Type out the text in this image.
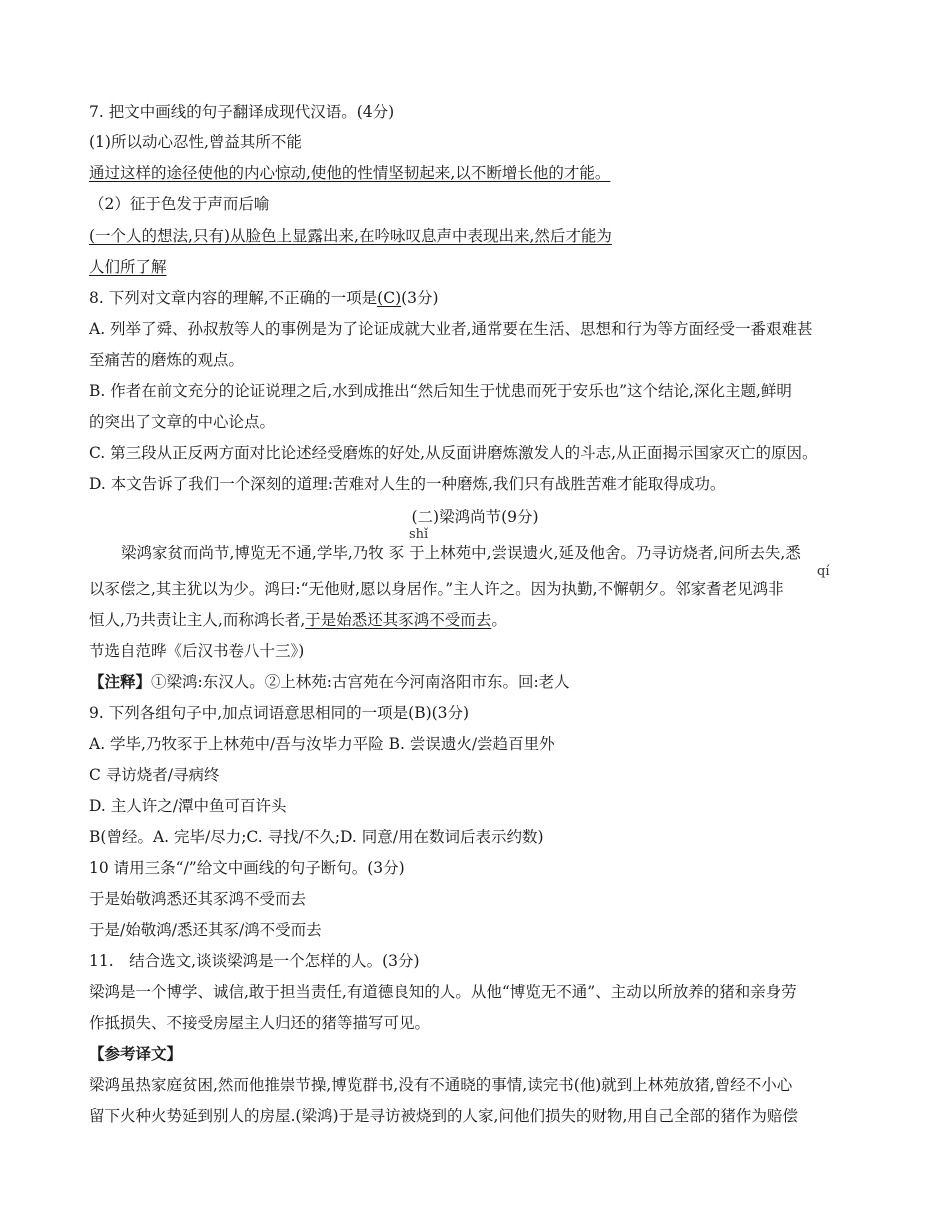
7. 把文中画线的句子翻译成现代汉语。(4分)
(1)所以动心忍性,曾益其所不能
通过这样的途径使他的内心惊动,使他的性情坚韧起来,以不断增长他的才能。
（2）征于色发于声而后喻
(一个人的想法,只有)从脸色上显露出来,在吟咏叹息声中表现出来,然后才能为
人们所了解
8. 下列对文章内容的理解,不正确的一项是(C)(3分)
A. 列举了舜、孙叔敖等人的事例是为了论证成就大业者,通常要在生活、思想和行为等方面经受一番艰难甚
至痛苦的磨炼的观点。
B. 作者在前文充分的论证说理之后,水到成推出“然后知生于忧患而死于安乐也”这个结论,深化主题,鲜明
的突出了文章的中心论点。
C. 第三段从正反两方面对比论述经受磨炼的好处,从反面讲磨炼激发人的斗志,从正面揭示国家灭亡的原因。
D. 本文告诉了我们一个深刻的道理:苦难对人生的一种磨炼,我们只有战胜苦难才能取得成功。
(二)梁鸿尚节(9分)
shǐ
梁鸿家贫而尚节,博览无不通,学毕,乃牧 豕 于上林苑中,尝误遗火,延及他舍。乃寻访烧者,问所去失,悉
qí
以豕偿之,其主犹以为少。鸿曰:“无他财,愿以身居作。”主人许之。因为执勤,不懈朝夕。邻家耆老见鸿非
恒人,乃共责让主人,而称鸿长者,于是始悉还其豕鸿不受而去。
节选自范晔《后汉书卷八十三》)
【注释】①梁鸿:东汉人。②上林苑:古宫苑在今河南洛阳市东。回:老人
9. 下列各组句子中,加点词语意思相同的一项是(B)(3分)
A. 学毕,乃牧豕于上林苑中/吾与汝毕力平险 B. 尝误遗火/尝趋百里外
C 寻访烧者/寻病终
D. 主人许之/潭中鱼可百许头
B(曾经。A. 完毕/尽力;C. 寻找/不久;D. 同意/用在数词后表示约数)
10 请用三条“/”给文中画线的句子断句。(3分)
于是始敬鸿悉还其豕鸿不受而去
于是/始敬鸿/悉还其豕/鸿不受而去
11.　结合选文,谈谈梁鸿是一个怎样的人。(3分)
梁鸿是一个博学、诚信,敢于担当责任,有道德良知的人。从他“博览无不通”、主动以所放养的猪和亲身劳
作抵损失、不接受房屋主人归还的猪等描写可见。
【参考译文】
梁鸿虽热家庭贫困,然而他推崇节操,博览群书,没有不通晓的事情,读完书(他)就到上林苑放猪,曾经不小心
留下火种火势延到别人的房屋.(梁鸿)于是寻访被烧到的人家,问他们损失的财物,用自己全部的猪作为赔偿
